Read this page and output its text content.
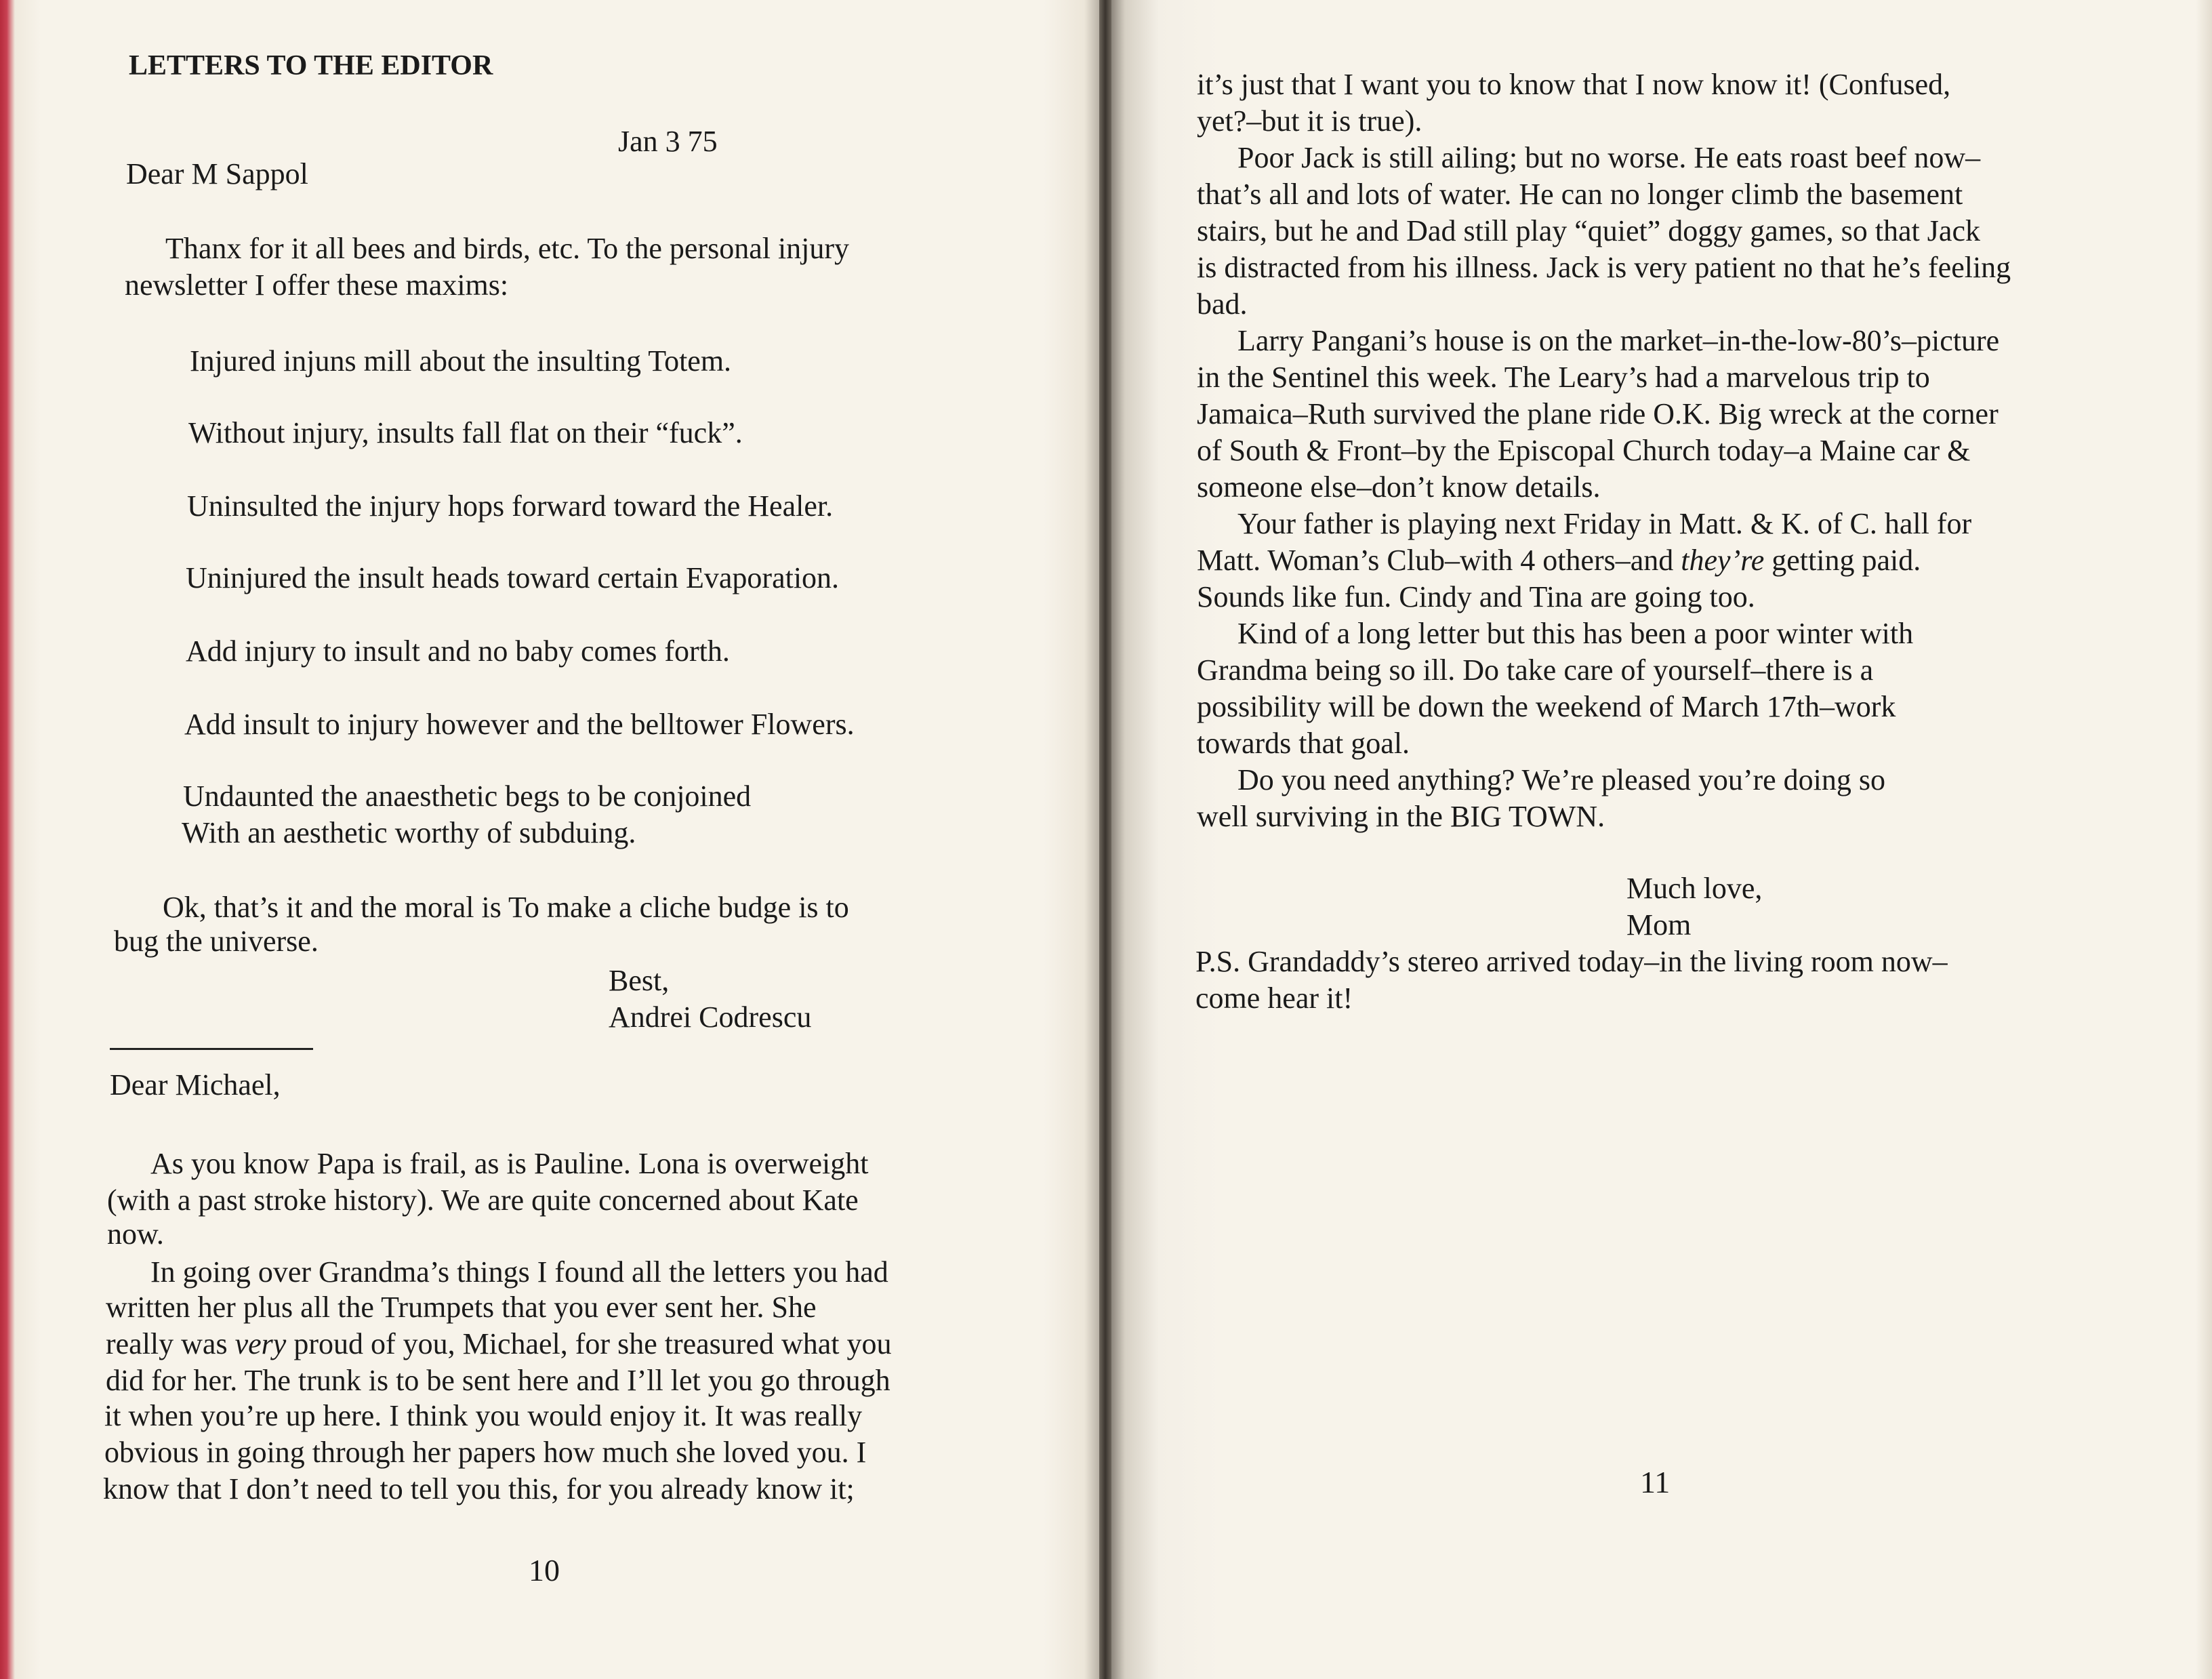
LETTERS TO THE EDITOR
Jan 3 75
Dear M Sappol
Thanx for it all bees and birds, etc. To the personal injury
newsletter I offer these maxims:
Injured injuns mill about the insulting Totem.
Without injury, insults fall flat on their “fuck”.
Uninsulted the injury hops forward toward the Healer.
Uninjured the insult heads toward certain Evaporation.
Add injury to insult and no baby comes forth.
Add insult to injury however and the belltower Flowers.
Undaunted the anaesthetic begs to be conjoined
With an aesthetic worthy of subduing.
Ok, that’s it and the moral is To make a cliche budge is to
bug the universe.
Best,
Andrei Codrescu
Dear Michael,
As you know Papa is frail, as is Pauline. Lona is overweight
(with a past stroke history). We are quite concerned about Kate
now.
In going over Grandma’s things I found all the letters you had
written her plus all the Trumpets that you ever sent her. She
really was very proud of you, Michael, for she treasured what you
did for her. The trunk is to be sent here and I’ll let you go through
it when you’re up here. I think you would enjoy it. It was really
obvious in going through her papers how much she loved you. I
know that I don’t need to tell you this, for you already know it;
10
it’s just that I want you to know that I now know it! (Confused,
yet?–but it is true).
Poor Jack is still ailing; but no worse. He eats roast beef now–
that’s all and lots of water. He can no longer climb the basement
stairs, but he and Dad still play “quiet” doggy games, so that Jack
is distracted from his illness. Jack is very patient no that he’s feeling
bad.
Larry Pangani’s house is on the market–in-the-low-80’s–picture
in the Sentinel this week. The Leary’s had a marvelous trip to
Jamaica–Ruth survived the plane ride O.K. Big wreck at the corner
of South & Front–by the Episcopal Church today–a Maine car &
someone else–don’t know details.
Your father is playing next Friday in Matt. & K. of C. hall for
Matt. Woman’s Club–with 4 others–and they’re getting paid.
Sounds like fun. Cindy and Tina are going too.
Kind of a long letter but this has been a poor winter with
Grandma being so ill. Do take care of yourself–there is a
possibility will be down the weekend of March 17th–work
towards that goal.
Do you need anything? We’re pleased you’re doing so
well surviving in the BIG TOWN.
Much love,
Mom
P.S. Grandaddy’s stereo arrived today–in the living room now–
come hear it!
11
